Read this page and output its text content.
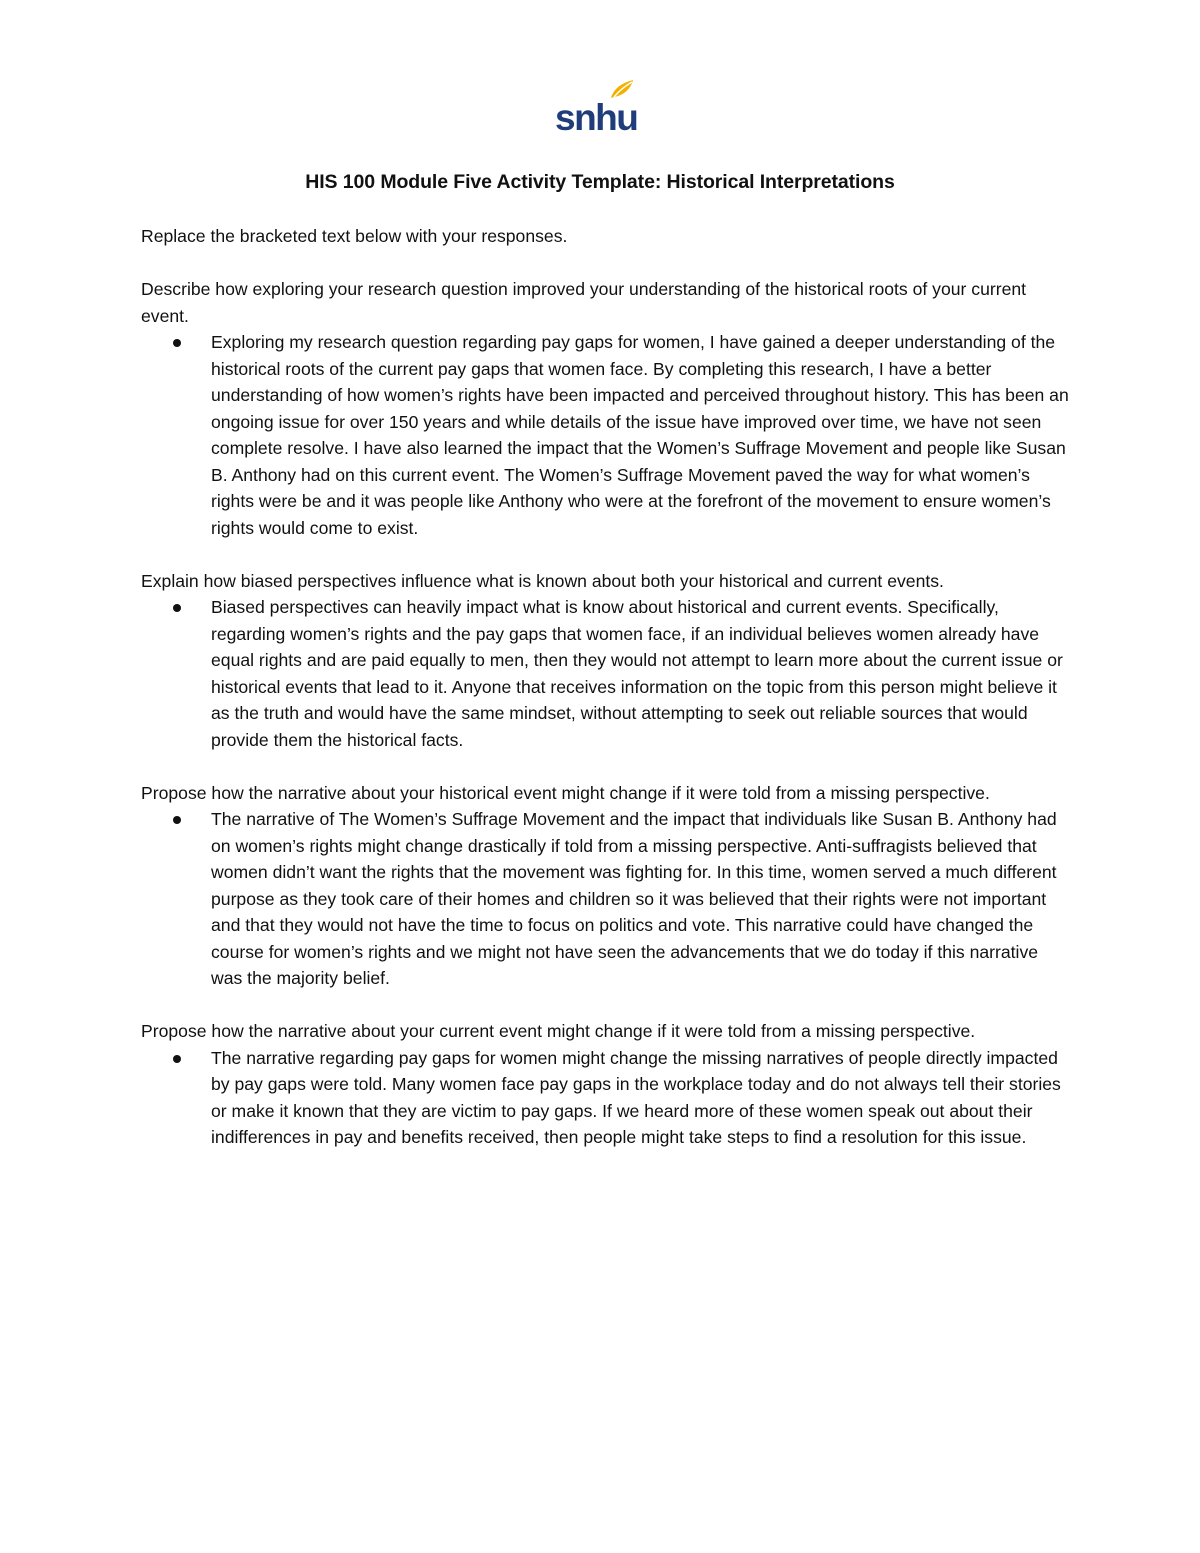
snhu
HIS 100 Module Five Activity Template: Historical Interpretations

Replace the bracketed text below with your responses.

Describe how exploring your research question improved your understanding of the historical roots of your current event.

Exploring my research question regarding pay gaps for women, I have gained a deeper understanding of the historical roots of the current pay gaps that women face. By completing this research, I have a better understanding of how women’s rights have been impacted and perceived throughout history. This has been an ongoing issue for over 150 years and while details of the issue have improved over time, we have not seen complete resolve. I have also learned the impact that the Women’s Suffrage Movement and people like Susan B. Anthony had on this current event. The Women’s Suffrage Movement paved the way for what women’s rights were be and it was people like Anthony who were at the forefront of the movement to ensure women’s rights would come to exist.

Explain how biased perspectives influence what is known about both your historical and current events.

Biased perspectives can heavily impact what is know about historical and current events. Specifically, regarding women’s rights and the pay gaps that women face, if an individual believes women already have equal rights and are paid equally to men, then they would not attempt to learn more about the current issue or historical events that lead to it. Anyone that receives information on the topic from this person might believe it as the truth and would have the same mindset, without attempting to seek out reliable sources that would provide them the historical facts.

Propose how the narrative about your historical event might change if it were told from a missing perspective.

The narrative of The Women’s Suffrage Movement and the impact that individuals like Susan B. Anthony had on women’s rights might change drastically if told from a missing perspective. Anti-suffragists believed that women didn’t want the rights that the movement was fighting for. In this time, women served a much different purpose as they took care of their homes and children so it was believed that their rights were not important and that they would not have the time to focus on politics and vote. This narrative could have changed the course for women’s rights and we might not have seen the advancements that we do today if this narrative was the majority belief.

Propose how the narrative about your current event might change if it were told from a missing perspective.

The narrative regarding pay gaps for women might change the missing narratives of people directly impacted by pay gaps were told. Many women face pay gaps in the workplace today and do not always tell their stories or make it known that they are victim to pay gaps. If we heard more of these women speak out about their indifferences in pay and benefits received, then people might take steps to find a resolution for this issue.
